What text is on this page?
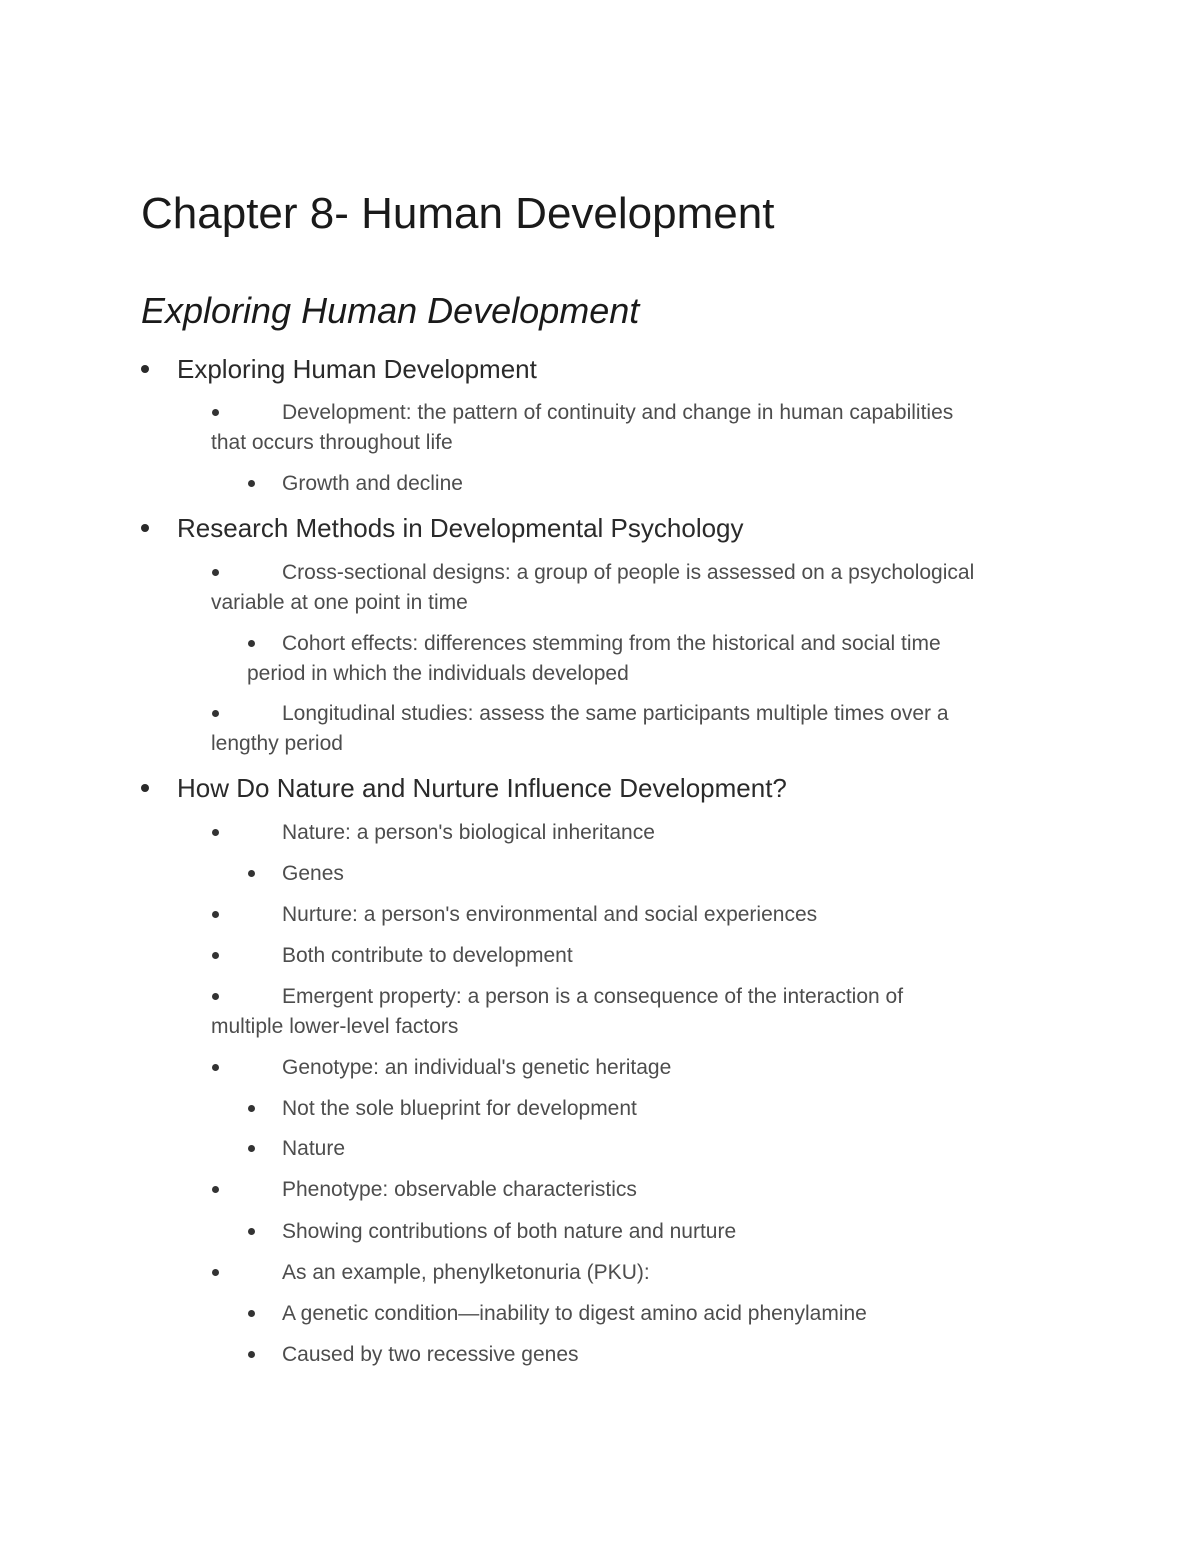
Chapter 8- Human Development
Exploring Human Development
Exploring Human Development
Development: the pattern of continuity and change in human capabilities
that occurs throughout life
Growth and decline
Research Methods in Developmental Psychology
Cross-sectional designs: a group of people is assessed on a psychological
variable at one point in time
Cohort effects: differences stemming from the historical and social time
period in which the individuals developed
Longitudinal studies: assess the same participants multiple times over a
lengthy period
How Do Nature and Nurture Influence Development?
Nature: a person's biological inheritance
Genes
Nurture: a person's environmental and social experiences
Both contribute to development
Emergent property: a person is a consequence of the interaction of
multiple lower-level factors
Genotype: an individual's genetic heritage
Not the sole blueprint for development
Nature
Phenotype: observable characteristics
Showing contributions of both nature and nurture
As an example, phenylketonuria (PKU):
A genetic condition—inability to digest amino acid phenylamine
Caused by two recessive genes
